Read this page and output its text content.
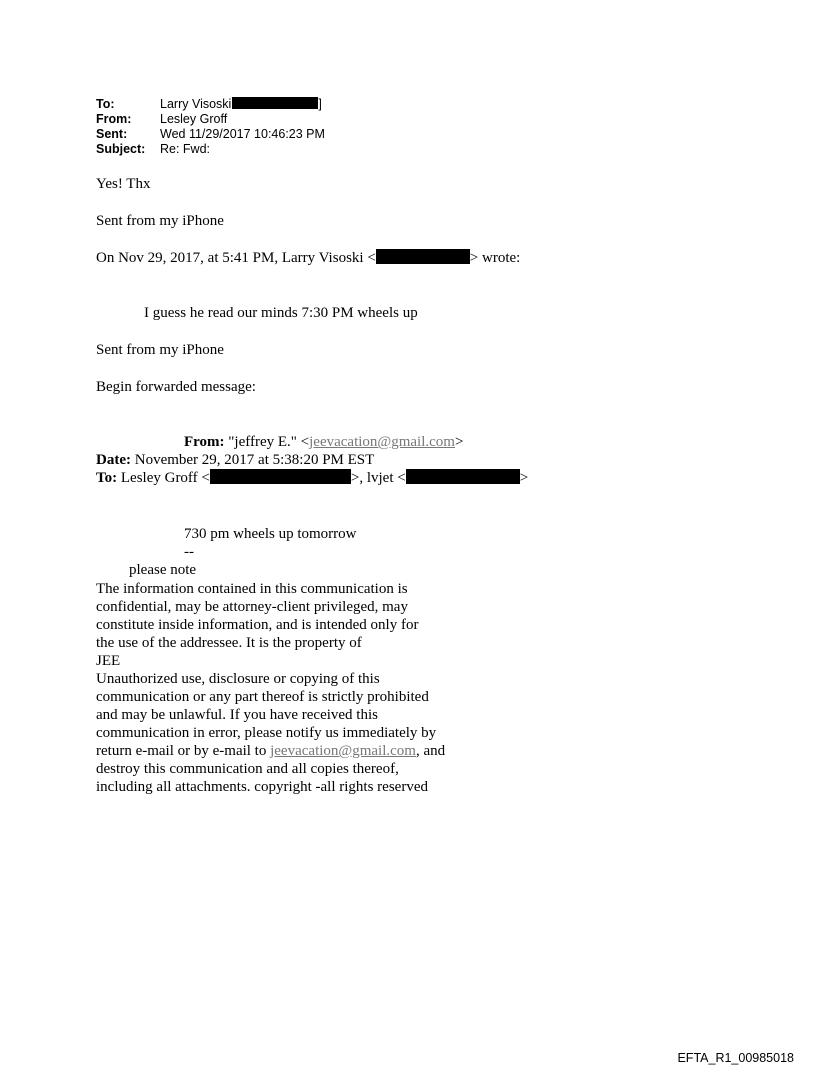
To:	Larry Visoski	]
From:	Lesley Groff
Sent:	Wed 11/29/2017 10:46:23 PM
Subject:	Re: Fwd:
Yes! Thx
Sent from my iPhone
On Nov 29, 2017, at 5:41 PM, Larry Visoski <	> wrote:
I guess he read our minds 7:30 PM wheels up
Sent from my iPhone
Begin forwarded message:
From: "jeffrey E." <jeevacation@gmail.com>
Date: November 29, 2017 at 5:38:20 PM EST
To: Lesley Groff <	>, lvjet <	>
730 pm wheels up tomorrow
--
please note
The information contained in this communication is
confidential, may be attorney-client privileged, may
constitute inside information, and is intended only for
the use of the addressee. It is the property of
JEE
Unauthorized use, disclosure or copying of this
communication or any part thereof is strictly prohibited
and may be unlawful. If you have received this
communication in error, please notify us immediately by
return e-mail or by e-mail to jeevacation@gmail.com, and
destroy this communication and all copies thereof,
including all attachments. copyright -all rights reserved
EFTA_R1_00985018
